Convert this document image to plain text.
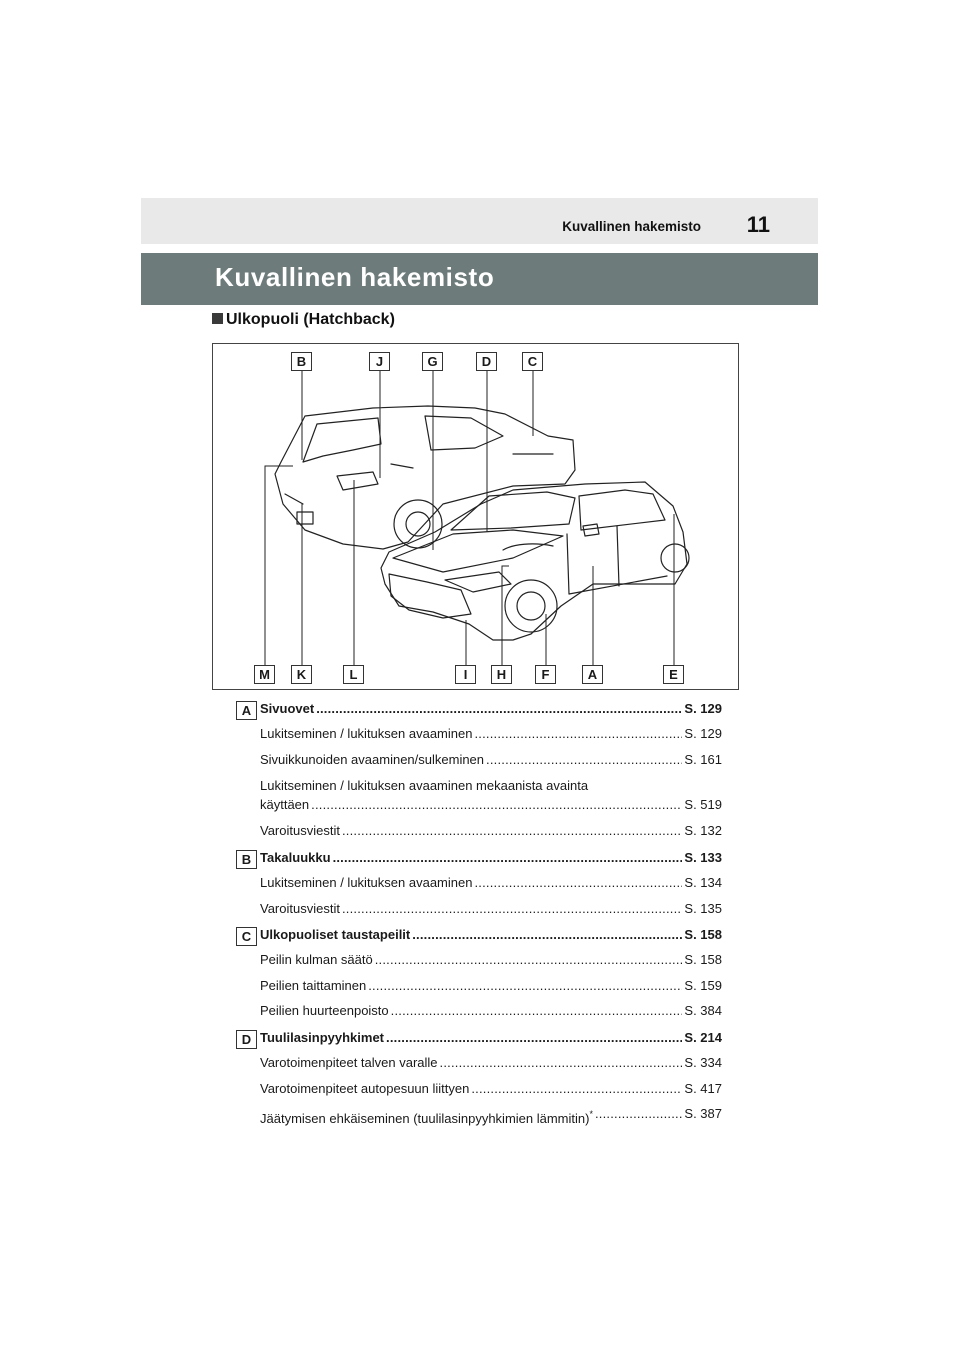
Kuvallinen hakemisto 11
Kuvallinen hakemisto
Ulkopuoli (Hatchback)
B	J	G	D	C
M	K	L	I	H	F	A	E
A Sivuovet .....	S. 129
Lukitseminen / lukituksen avaaminen .....	S. 129
Sivuikkunoiden avaaminen/sulkeminen .....	S. 161
Lukitseminen / lukituksen avaaminen mekaanista avainta
käyttäen .....	S. 519
Varoitusviestit .....	S. 132
B Takaluukku .....	S. 133
Lukitseminen / lukituksen avaaminen .....	S. 134
Varoitusviestit .....	S. 135
C Ulkopuoliset taustapeilit .....	S. 158
Peilin kulman säätö .....	S. 158
Peilien taittaminen .....	S. 159
Peilien huurteenpoisto .....	S. 384
D Tuulilasinpyyhkimet .....	S. 214
Varotoimenpiteet talven varalle .....	S. 334
Varotoimenpiteet autopesuun liittyen .....	S. 417
Jäätymisen ehkäiseminen (tuulilasinpyyhkimien lämmitin)* .....	S. 387
